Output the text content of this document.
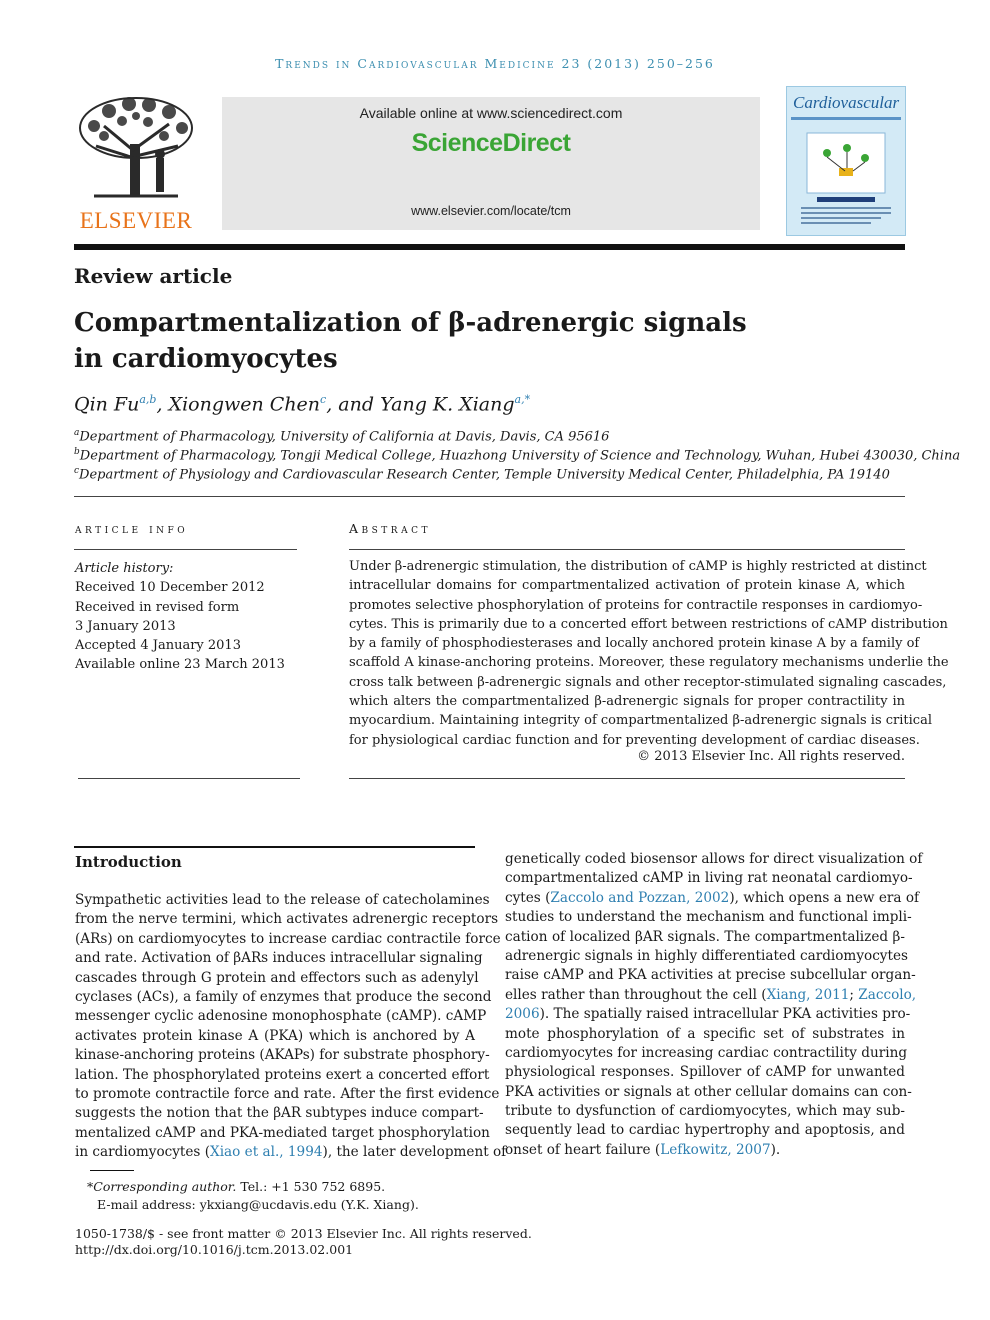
Trends in Cardiovascular Medicine 23 (2013) 250–256
ELSEVIER
Available online at www.sciencedirect.com
ScienceDirect
www.elsevier.com/locate/tcm
Cardiovascular
Review article
Compartmentalization of β-adrenergic signals
in cardiomyocytes
Qin Fu$^{a,b}$, Xiongwen Chen$^c$, and Yang K. Xiang$^{a,*}$
$^a$Department of Pharmacology, University of California at Davis, Davis, CA 95616
$^b$Department of Pharmacology, Tongji Medical College, Huazhong University of Science and Technology, Wuhan, Hubei 430030, China
$^c$Department of Physiology and Cardiovascular Research Center, Temple University Medical Center, Philadelphia, PA 19140
article info
Article history:
Received 10 December 2012
Received in revised form
3 January 2013
Accepted 4 January 2013
Available online 23 March 2013
Abstract
Under β-adrenergic stimulation, the distribution of cAMP is highly restricted at distinct
intracellular domains for compartmentalized activation of protein kinase A, which
promotes selective phosphorylation of proteins for contractile responses in cardiomyo-
cytes. This is primarily due to a concerted effort between restrictions of cAMP distribution
by a family of phosphodiesterases and locally anchored protein kinase A by a family of
scaffold A kinase-anchoring proteins. Moreover, these regulatory mechanisms underlie the
cross talk between β-adrenergic signals and other receptor-stimulated signaling cascades,
which alters the compartmentalized β-adrenergic signals for proper contractility in
myocardium. Maintaining integrity of compartmentalized β-adrenergic signals is critical
for physiological cardiac function and for preventing development of cardiac diseases.
© 2013 Elsevier Inc. All rights reserved.
Introduction
Sympathetic activities lead to the release of catecholamines
from the nerve termini, which activates adrenergic receptors
(ARs) on cardiomyocytes to increase cardiac contractile force
and rate. Activation of βARs induces intracellular signaling
cascades through G protein and effectors such as adenylyl
cyclases (ACs), a family of enzymes that produce the second
messenger cyclic adenosine monophosphate (cAMP). cAMP
activates protein kinase A (PKA) which is anchored by A
kinase-anchoring proteins (AKAPs) for substrate phosphory-
lation. The phosphorylated proteins exert a concerted effort
to promote contractile force and rate. After the first evidence
suggests the notion that the βAR subtypes induce compart-
mentalized cAMP and PKA-mediated target phosphorylation
in cardiomyocytes (Xiao et al., 1994), the later development of
genetically coded biosensor allows for direct visualization of
compartmentalized cAMP in living rat neonatal cardiomyo-
cytes (Zaccolo and Pozzan, 2002), which opens a new era of
studies to understand the mechanism and functional impli-
cation of localized βAR signals. The compartmentalized β-
adrenergic signals in highly differentiated cardiomyocytes
raise cAMP and PKA activities at precise subcellular organ-
elles rather than throughout the cell (Xiang, 2011; Zaccolo,
2006). The spatially raised intracellular PKA activities pro-
mote phosphorylation of a specific set of substrates in
cardiomyocytes for increasing cardiac contractility during
physiological responses. Spillover of cAMP for unwanted
PKA activities or signals at other cellular domains can con-
tribute to dysfunction of cardiomyocytes, which may sub-
sequently lead to cardiac hypertrophy and apoptosis, and
onset of heart failure (Lefkowitz, 2007).
*Corresponding author. Tel.: +1 530 752 6895.
E-mail address: ykxiang@ucdavis.edu (Y.K. Xiang).
1050-1738/$ - see front matter © 2013 Elsevier Inc. All rights reserved.
http://dx.doi.org/10.1016/j.tcm.2013.02.001
